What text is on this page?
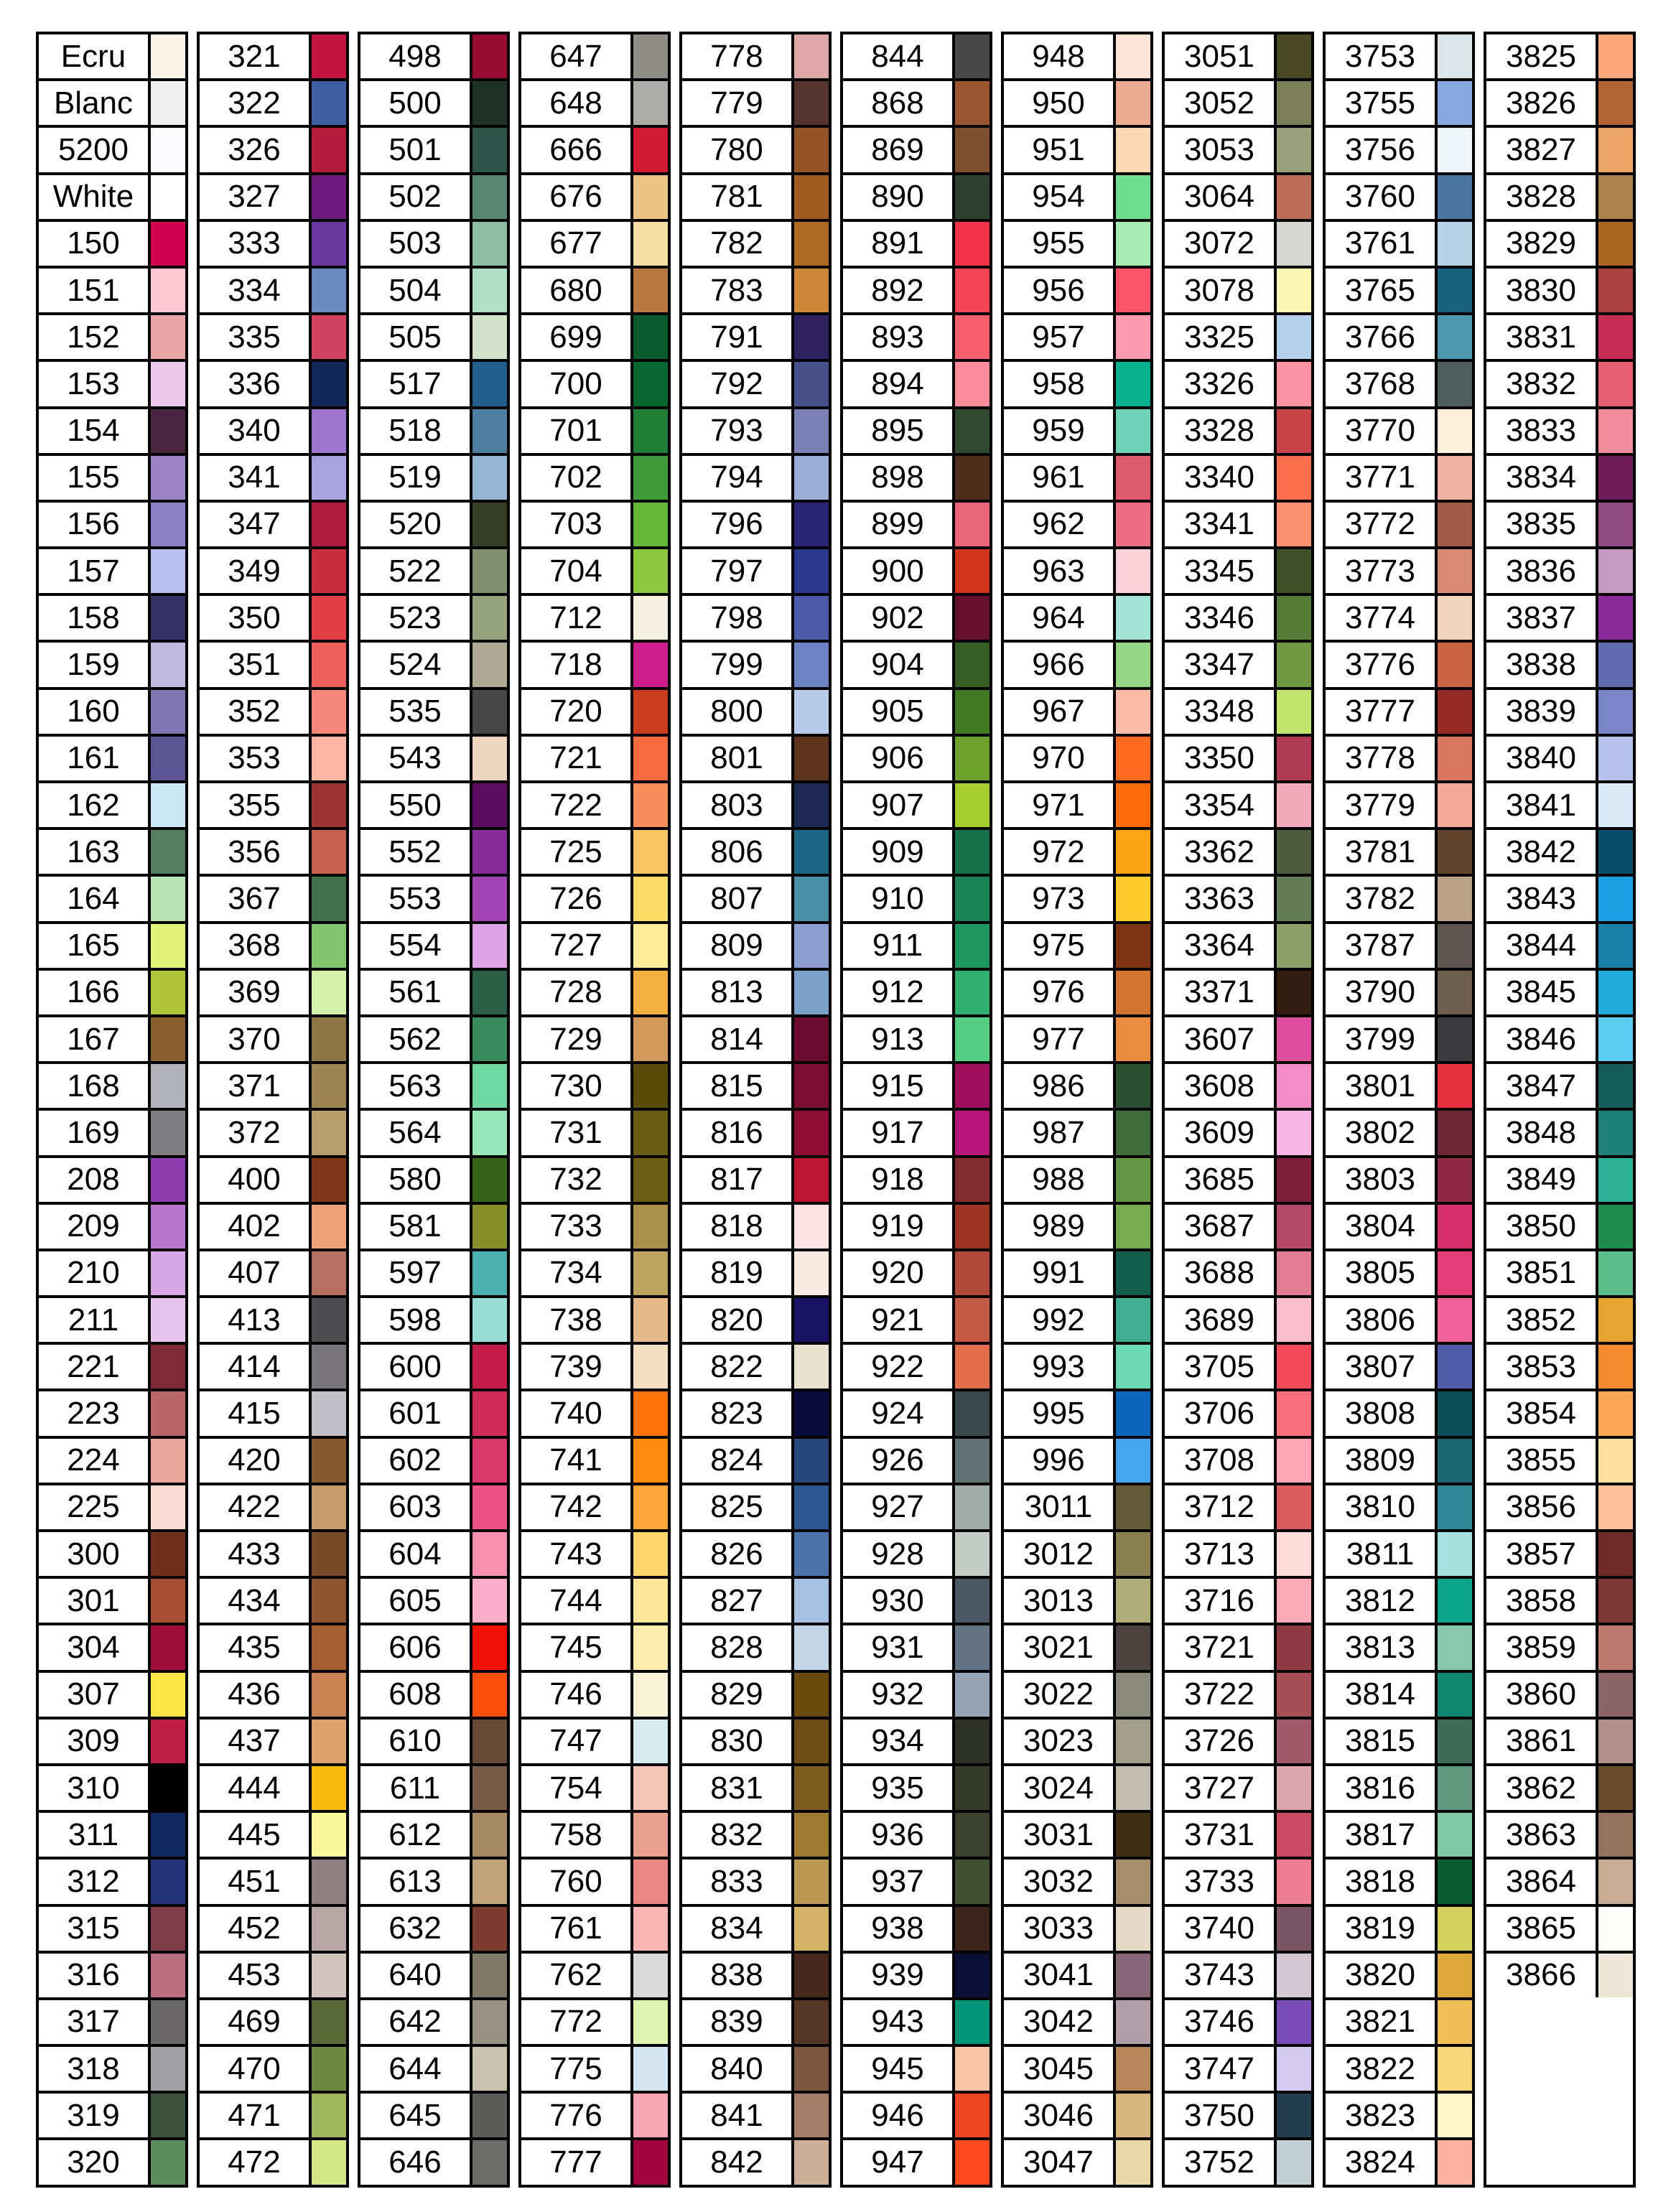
Ecru
Blanc
5200
White
150
151
152
153
154
155
156
157
158
159
160
161
162
163
164
165
166
167
168
169
208
209
210
211
221
223
224
225
300
301
304
307
309
310
311
312
315
316
317
318
319
320
321
322
326
327
333
334
335
336
340
341
347
349
350
351
352
353
355
356
367
368
369
370
371
372
400
402
407
413
414
415
420
422
433
434
435
436
437
444
445
451
452
453
469
470
471
472
498
500
501
502
503
504
505
517
518
519
520
522
523
524
535
543
550
552
553
554
561
562
563
564
580
581
597
598
600
601
602
603
604
605
606
608
610
611
612
613
632
640
642
644
645
646
647
648
666
676
677
680
699
700
701
702
703
704
712
718
720
721
722
725
726
727
728
729
730
731
732
733
734
738
739
740
741
742
743
744
745
746
747
754
758
760
761
762
772
775
776
777
778
779
780
781
782
783
791
792
793
794
796
797
798
799
800
801
803
806
807
809
813
814
815
816
817
818
819
820
822
823
824
825
826
827
828
829
830
831
832
833
834
838
839
840
841
842
844
868
869
890
891
892
893
894
895
898
899
900
902
904
905
906
907
909
910
911
912
913
915
917
918
919
920
921
922
924
926
927
928
930
931
932
934
935
936
937
938
939
943
945
946
947
948
950
951
954
955
956
957
958
959
961
962
963
964
966
967
970
971
972
973
975
976
977
986
987
988
989
991
992
993
995
996
3011
3012
3013
3021
3022
3023
3024
3031
3032
3033
3041
3042
3045
3046
3047
3051
3052
3053
3064
3072
3078
3325
3326
3328
3340
3341
3345
3346
3347
3348
3350
3354
3362
3363
3364
3371
3607
3608
3609
3685
3687
3688
3689
3705
3706
3708
3712
3713
3716
3721
3722
3726
3727
3731
3733
3740
3743
3746
3747
3750
3752
3753
3755
3756
3760
3761
3765
3766
3768
3770
3771
3772
3773
3774
3776
3777
3778
3779
3781
3782
3787
3790
3799
3801
3802
3803
3804
3805
3806
3807
3808
3809
3810
3811
3812
3813
3814
3815
3816
3817
3818
3819
3820
3821
3822
3823
3824
3825
3826
3827
3828
3829
3830
3831
3832
3833
3834
3835
3836
3837
3838
3839
3840
3841
3842
3843
3844
3845
3846
3847
3848
3849
3850
3851
3852
3853
3854
3855
3856
3857
3858
3859
3860
3861
3862
3863
3864
3865
3866
